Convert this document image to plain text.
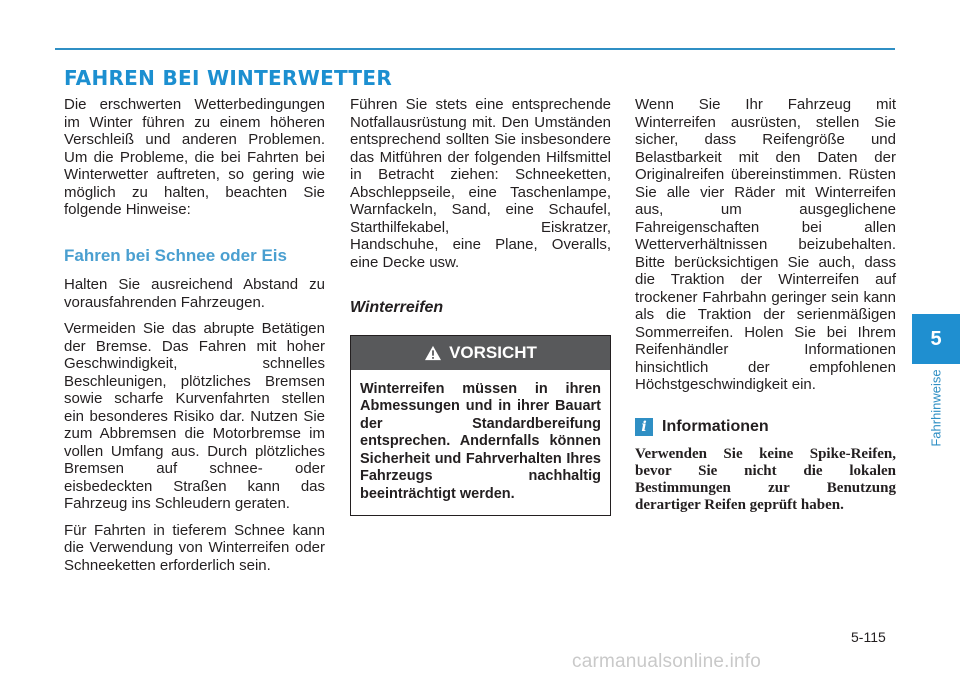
FAHREN BEI WINTERWETTER

Die erschwerten Wetterbedingungen im Winter führen zu einem höheren Verschleiß und anderen Problemen. Um die Probleme, die bei Fahrten bei Winterwetter auftreten, so gering wie möglich zu halten, beachten Sie folgende Hinweise:

Fahren bei Schnee oder Eis

Halten Sie ausreichend Abstand zu vorausfahrenden Fahrzeugen.

Vermeiden Sie das abrupte Betätigen der Bremse. Das Fahren mit hoher Geschwindigkeit, schnelles Beschleunigen, plötzliches Bremsen sowie scharfe Kurvenfahrten stellen ein besonderes Risiko dar. Nutzen Sie zum Abbremsen die Motorbremse im vollen Umfang aus. Durch plötzliches Bremsen auf schnee- oder eisbedeckten Straßen kann das Fahrzeug ins Schleudern geraten.

Für Fahrten in tieferem Schnee kann die Verwendung von Winterreifen oder Schneeketten erforderlich sein.

Führen Sie stets eine entsprechende Notfallausrüstung mit. Den Umständen entsprechend sollten Sie insbesondere das Mitführen der folgenden Hilfsmittel in Betracht ziehen: Schneeketten, Abschleppseile, eine Taschenlampe, Warnfackeln, Sand, eine Schaufel, Starthilfekabel, Eiskratzer, Handschuhe, eine Plane, Overalls, eine Decke usw.

Winterreifen
VORSICHT
Winterreifen müssen in ihren Abmessungen und in ihrer Bauart der Standardbereifung entsprechen. Andernfalls können Sicherheit und Fahrverhalten Ihres Fahrzeugs nachhaltig beeinträchtigt werden.

Wenn Sie Ihr Fahrzeug mit Winterreifen ausrüsten, stellen Sie sicher, dass Reifengröße und Belastbarkeit mit den Daten der Originalreifen übereinstimmen. Rüsten Sie alle vier Räder mit Winterreifen aus, um ausgeglichene Fahreigenschaften bei allen Wetterverhältnissen beizubehalten. Bitte berücksichtigen Sie auch, dass die Traktion der Winterreifen auf trockener Fahrbahn geringer sein kann als die Traktion der serienmäßigen Sommerreifen. Holen Sie bei Ihrem Reifenhändler Informationen hinsichtlich der empfohlenen Höchstgeschwindigkeit ein.

i Informationen
Verwenden Sie keine Spike-Reifen, bevor Sie nicht die lokalen Bestimmungen zur Benutzung derartiger Reifen geprüft haben.
5
Fahrhinweise
5-115
carmanualsonline.info
